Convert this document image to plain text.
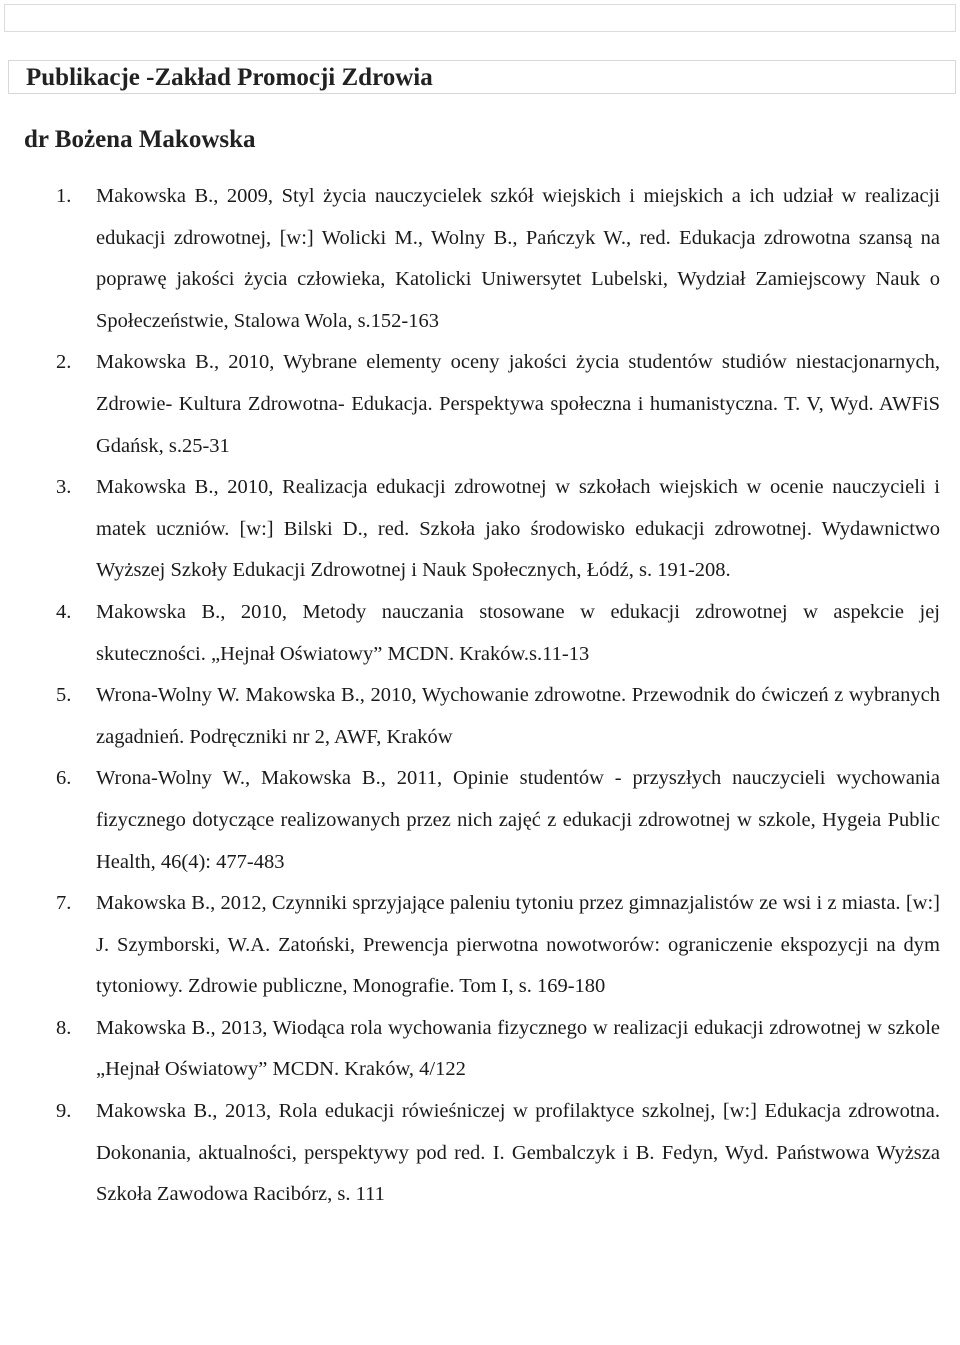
Publikacje -Zakład Promocji Zdrowia
dr Bożena Makowska
1.	Makowska B., 2009, Styl życia nauczycielek szkół wiejskich i miejskich a ich udział w realizacji edukacji zdrowotnej, [w:] Wolicki M., Wolny B., Pańczyk W., red. Edukacja zdrowotna szansą na poprawę jakości życia człowieka, Katolicki Uniwersytet Lubelski, Wydział Zamiejscowy Nauk o Społeczeństwie, Stalowa Wola, s.152-163
2.	Makowska B., 2010, Wybrane elementy oceny jakości życia studentów studiów niestacjonarnych, Zdrowie- Kultura Zdrowotna- Edukacja. Perspektywa społeczna i humanistyczna. T. V, Wyd. AWFiS Gdańsk, s.25-31
3.	Makowska B., 2010, Realizacja edukacji zdrowotnej w szkołach wiejskich w ocenie nauczycieli i matek uczniów. [w:] Bilski D., red. Szkoła jako środowisko edukacji zdrowotnej. Wydawnictwo Wyższej Szkoły Edukacji Zdrowotnej i Nauk Społecznych, Łódź, s. 191-208.
4.	Makowska B., 2010, Metody nauczania stosowane w edukacji zdrowotnej w aspekcie jej skuteczności. „Hejnał Oświatowy” MCDN. Kraków.s.11-13
5.	Wrona-Wolny W. Makowska B., 2010, Wychowanie zdrowotne. Przewodnik do ćwiczeń z wybranych zagadnień. Podręczniki nr 2, AWF, Kraków
6.	Wrona-Wolny W., Makowska B., 2011, Opinie studentów - przyszłych nauczycieli wychowania fizycznego dotyczące realizowanych przez nich zajęć z edukacji zdrowotnej w szkole, Hygeia Public Health, 46(4): 477-483
7.	Makowska B., 2012, Czynniki sprzyjające paleniu tytoniu przez gimnazjalistów ze wsi i z miasta. [w:] J. Szymborski, W.A. Zatoński, Prewencja pierwotna nowotworów: ograniczenie ekspozycji na dym tytoniowy. Zdrowie publiczne, Monografie. Tom I, s. 169-180
8.	Makowska B., 2013, Wiodąca rola wychowania fizycznego w realizacji edukacji zdrowotnej w szkole „Hejnał Oświatowy” MCDN. Kraków, 4/122
9.	Makowska B., 2013, Rola edukacji rówieśniczej w profilaktyce szkolnej, [w:] Edukacja zdrowotna. Dokonania, aktualności, perspektywy pod red. I. Gembalczyk i B. Fedyn, Wyd. Państwowa Wyższa Szkoła Zawodowa Racibórz, s. 111
